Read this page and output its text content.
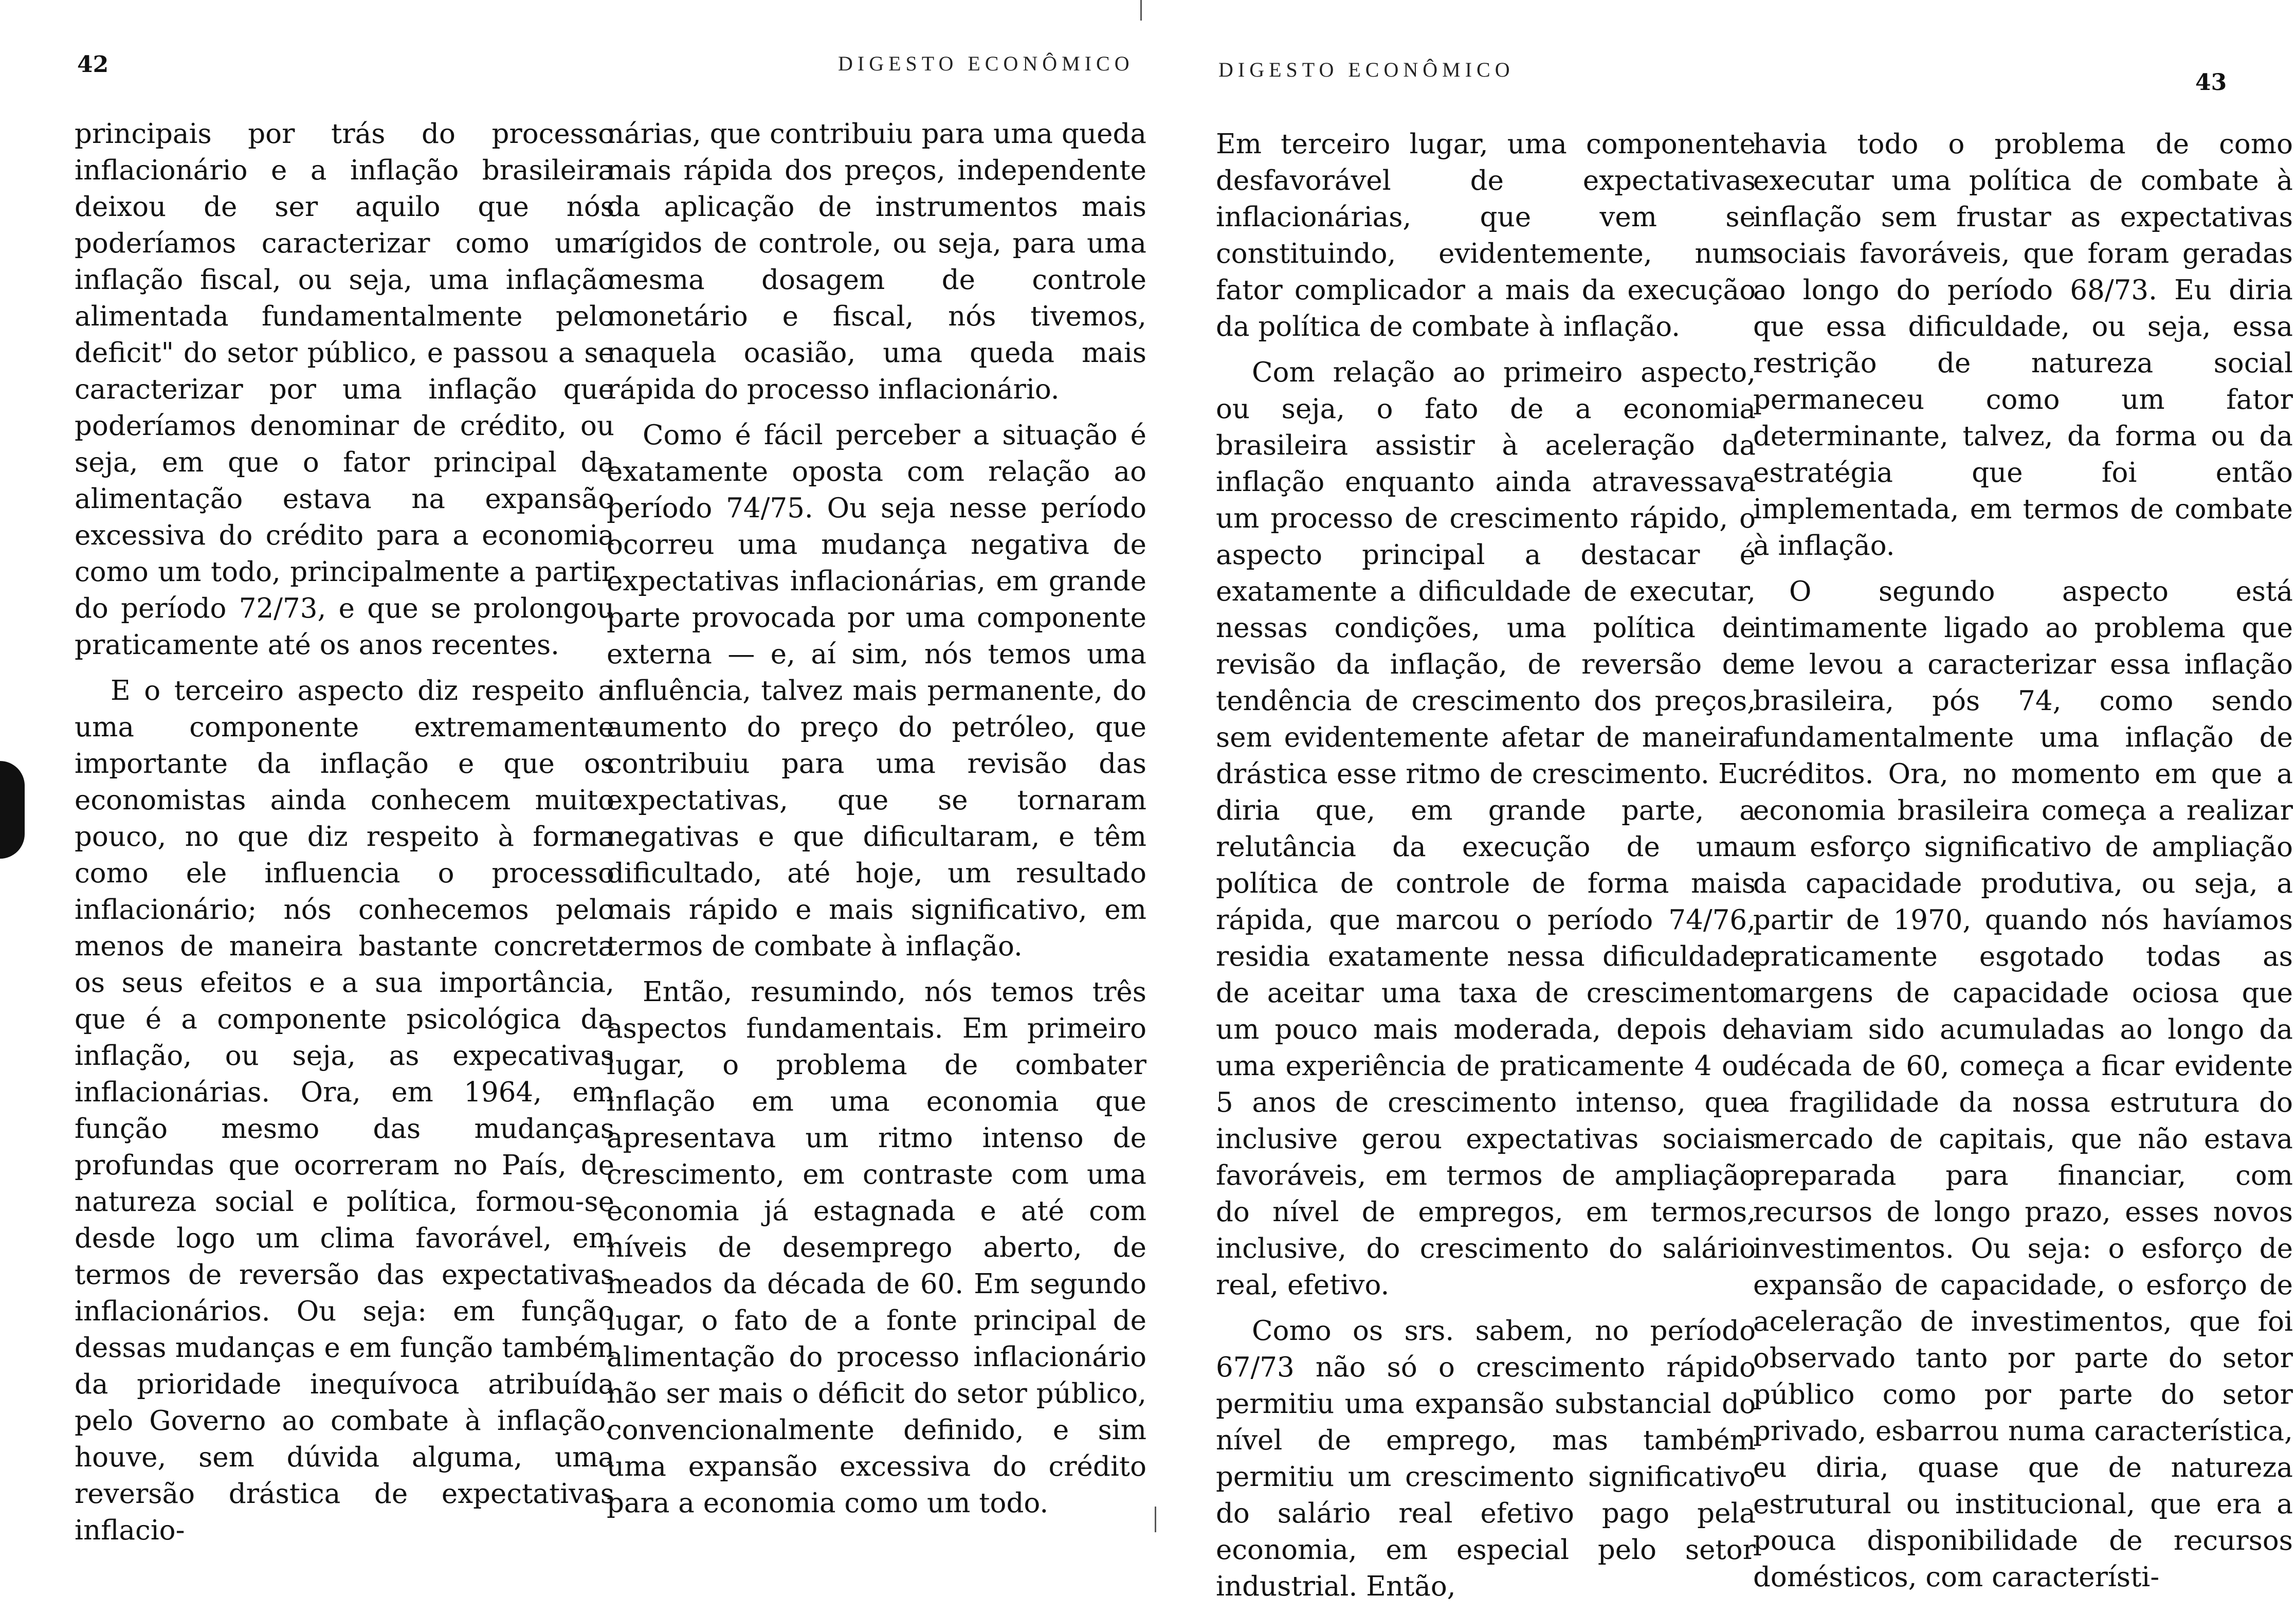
42	DIGESTO ECONÔMICO	DIGESTO ECONÔMICO	43

principais por trás do processo inflacionário e a inflação brasileira deixou de ser aquilo que nós poderíamos caracterizar como uma inflação fiscal, ou seja, uma inflação alimentada fundamentalmente pelo deficit" do setor público, e passou a se caracterizar por uma inflação que poderíamos denominar de crédito, ou seja, em que o fator principal da alimentação estava na expansão excessiva do crédito para a economia como um todo, principalmente a partir do período 72/73, e que se prolongou praticamente até os anos recentes.

E o terceiro aspecto diz respeito a uma componente extremamente importante da inflação e que os economistas ainda conhecem muito pouco, no que diz respeito à forma como ele influencia o processo inflacionário; nós conhecemos pelo menos de maneira bastante concreta os seus efeitos e a sua importância, que é a componente psicológica da inflação, ou seja, as expecativas inflacionárias. Ora, em 1964, em função mesmo das mudanças profundas que ocorreram no País, de natureza social e política, formou-se desde logo um clima favorável, em termos de reversão das expectativas inflacionários. Ou seja: em função dessas mudanças e em função também da prioridade inequívoca atribuída pelo Governo ao combate à inflação, houve, sem dúvida alguma, uma reversão drástica de expectativas inflacio-

nárias, que contribuiu para uma queda mais rápida dos preços, independente da aplicação de instrumentos mais rígidos de controle, ou seja, para uma mesma dosagem de controle monetário e fiscal, nós tivemos, naquela ocasião, uma queda mais rápida do processo inflacionário.

Como é fácil perceber a situação é exatamente oposta com relação ao período 74/75. Ou seja nesse período ocorreu uma mudança negativa de expectativas inflacionárias, em grande parte provocada por uma componente externa — e, aí sim, nós temos uma influência, talvez mais permanente, do aumento do preço do petróleo, que contribuiu para uma revisão das expectativas, que se tornaram negativas e que dificultaram, e têm dificultado, até hoje, um resultado mais rápido e mais significativo, em termos de combate à inflação.

Então, resumindo, nós temos três aspectos fundamentais. Em primeiro lugar, o problema de combater inflação em uma economia que apresentava um ritmo intenso de crescimento, em contraste com uma economia já estagnada e até com níveis de desemprego aberto, de meados da década de 60. Em segundo lugar, o fato de a fonte principal de alimentação do processo inflacionário não ser mais o déficit do setor público, convencionalmente definido, e sim uma expansão excessiva do crédito para a economia como um todo.

Em terceiro lugar, uma componente desfavorável de expectativas inflacionárias, que vem se constituindo, evidentemente, num fator complicador a mais da execução da política de combate à inflação.

Com relação ao primeiro aspecto, ou seja, o fato de a economia brasileira assistir à aceleração da inflação enquanto ainda atravessava um processo de crescimento rápido, o aspecto principal a destacar é exatamente a dificuldade de executar, nessas condições, uma política de revisão da inflação, de reversão de tendência de crescimento dos preços, sem evidentemente afetar de maneira drástica esse ritmo de crescimento. Eu diria que, em grande parte, a relutância da execução de uma política de controle de forma mais rápida, que marcou o período 74/76, residia exatamente nessa dificuldade de aceitar uma taxa de crescimento um pouco mais moderada, depois de uma experiência de praticamente 4 ou 5 anos de crescimento intenso, que inclusive gerou expectativas sociais favoráveis, em termos de ampliação do nível de empregos, em termos, inclusive, do crescimento do salário real, efetivo.

Como os srs. sabem, no período 67/73 não só o crescimento rápido permitiu uma expansão substancial do nível de emprego, mas também permitiu um crescimento significativo do salário real efetivo pago pela economia, em especial pelo setor industrial. Então,

havia todo o problema de como executar uma política de combate à inflação sem frustar as expectativas sociais favoráveis, que foram geradas ao longo do período 68/73. Eu diria que essa dificuldade, ou seja, essa restrição de natureza social permaneceu como um fator determinante, talvez, da forma ou da estratégia que foi então implementada, em termos de combate à inflação.

O segundo aspecto está intimamente ligado ao problema que me levou a caracterizar essa inflação brasileira, pós 74, como sendo fundamentalmente uma inflação de créditos. Ora, no momento em que a economia brasileira começa a realizar um esforço significativo de ampliação da capacidade produtiva, ou seja, a partir de 1970, quando nós havíamos praticamente esgotado todas as margens de capacidade ociosa que haviam sido acumuladas ao longo da década de 60, começa a ficar evidente a fragilidade da nossa estrutura do mercado de capitais, que não estava preparada para financiar, com recursos de longo prazo, esses novos investimentos. Ou seja: o esforço de expansão de capacidade, o esforço de aceleração de investimentos, que foi observado tanto por parte do setor público como por parte do setor privado, esbarrou numa característica, eu diria, quase que de natureza estrutural ou institucional, que era a pouca disponibilidade de recursos domésticos, com característi-
